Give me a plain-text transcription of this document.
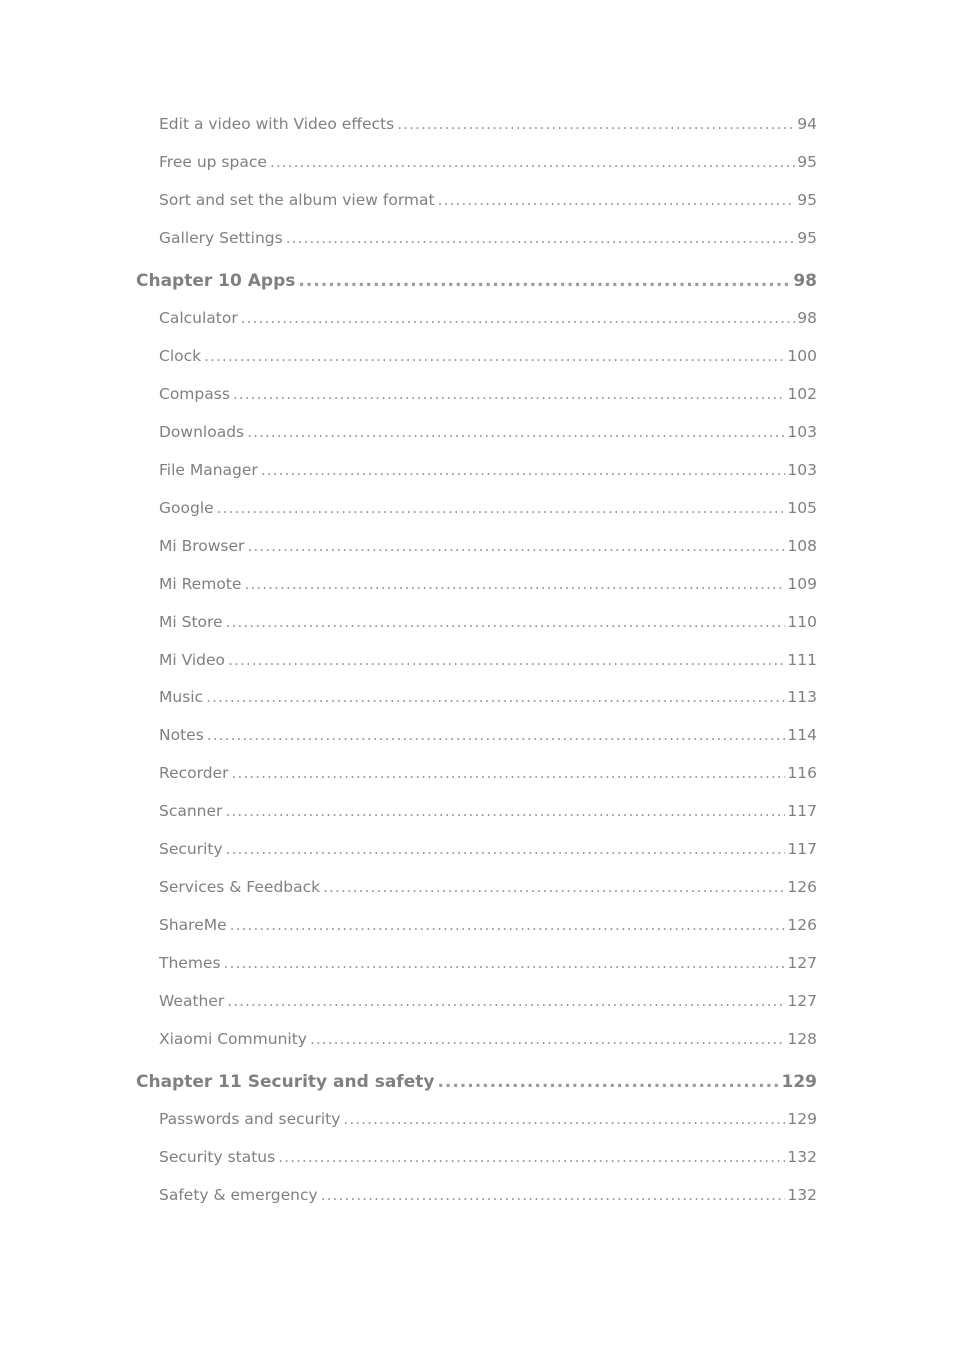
Edit a video with Video effects .....	94
Free up space .....	95
Sort and set the album view format .....	95
Gallery Settings .....	95
Chapter 10 Apps .....	98
Calculator .....	98
Clock .....	100
Compass .....	102
Downloads .....	103
File Manager .....	103
Google .....	105
Mi Browser .....	108
Mi Remote .....	109
Mi Store .....	110
Mi Video .....	111
Music .....	113
Notes .....	114
Recorder .....	116
Scanner .....	117
Security .....	117
Services & Feedback .....	126
ShareMe .....	126
Themes .....	127
Weather .....	127
Xiaomi Community .....	128
Chapter 11 Security and safety .....	129
Passwords and security .....	129
Security status .....	132
Safety & emergency .....	132
